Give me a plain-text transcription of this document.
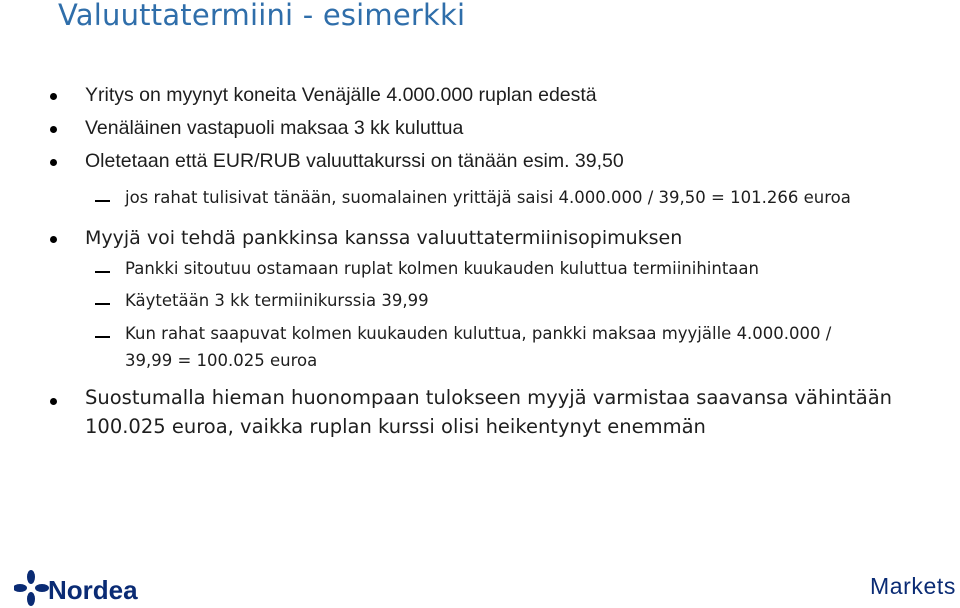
Valuuttatermiini - esimerkki
Yritys on myynyt koneita Venäjälle 4.000.000 ruplan edestä
Venäläinen vastapuoli maksaa 3 kk kuluttua
Oletetaan että EUR/RUB valuuttakurssi on tänään esim. 39,50
jos rahat tulisivat tänään, suomalainen yrittäjä saisi 4.000.000 / 39,50 = 101.266 euroa
Myyjä voi tehdä pankkinsa kanssa valuuttatermiinisopimuksen
Pankki sitoutuu ostamaan ruplat kolmen kuukauden kuluttua termiinihintaan
Käytetään 3 kk termiinikurssia 39,99
Kun rahat saapuvat kolmen kuukauden kuluttua, pankki maksaa myyjälle 4.000.000 /
39,99 = 100.025 euroa
Suostumalla hieman huonompaan tulokseen myyjä varmistaa saavansa vähintään
100.025 euroa, vaikka ruplan kurssi olisi heikentynyt enemmän
Nordea	Markets
